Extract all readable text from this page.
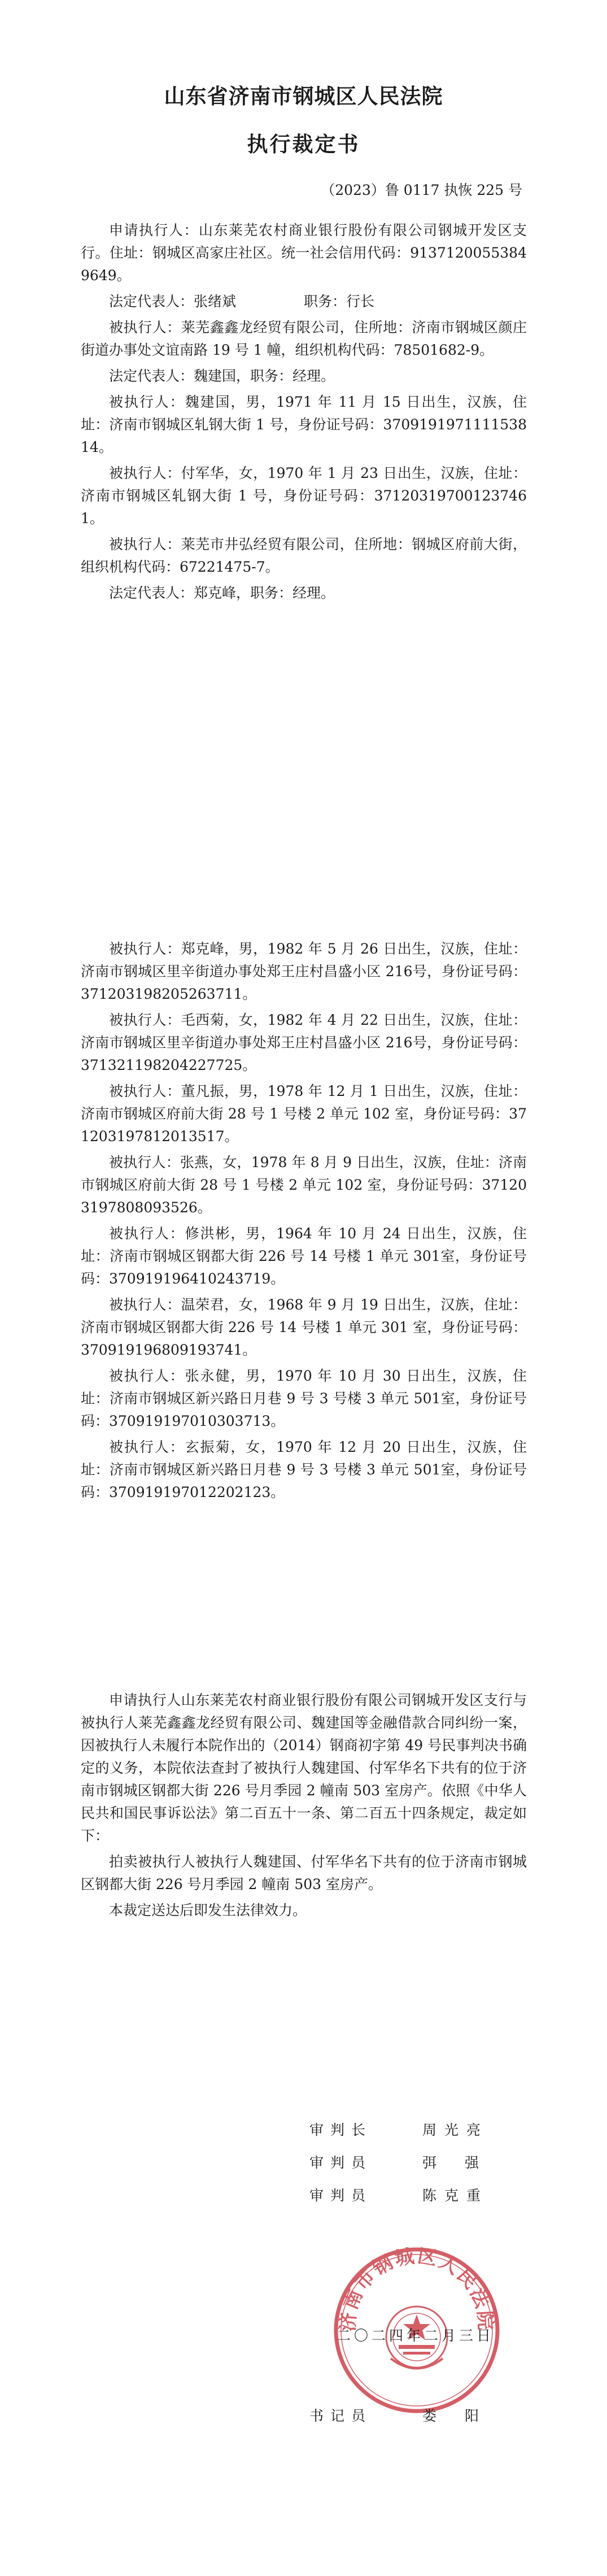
山东省济南市钢城区人民法院
执行裁定书
（2023）鲁 0117 执恢 225 号

申请执行人：山东莱芜农村商业银行股份有限公司钢城开发区支行。住址：钢城区高家庄社区。统一社会信用代码：91371200553849649。

法定代表人：张绪斌	职务：行长

被执行人：莱芜鑫鑫龙经贸有限公司，住所地：济南市钢城区颜庄街道办事处文谊南路 19 号 1 幢，组织机构代码：78501682-9。

法定代表人：魏建国，职务：经理。

被执行人：魏建国，男，1971 年 11 月 15 日出生，汉族，住址：济南市钢城区轧钢大街 1 号，身份证号码：370919197111153814。

被执行人：付军华，女，1970 年 1 月 23 日出生，汉族，住址：济南市钢城区轧钢大街 1 号，身份证号码：371203197001237461。

被执行人：莱芜市井弘经贸有限公司，住所地：钢城区府前大街，组织机构代码：67221475-7。

法定代表人：郑克峰，职务：经理。

被执行人：郑克峰，男，1982 年 5 月 26 日出生，汉族，住址：济南市钢城区里辛街道办事处郑王庄村昌盛小区 216号，身份证号码：371203198205263711。

被执行人：毛西菊，女，1982 年 4 月 22 日出生，汉族，住址：济南市钢城区里辛街道办事处郑王庄村昌盛小区 216号，身份证号码：371321198204227725。

被执行人：董凡振，男，1978 年 12 月 1 日出生，汉族，住址：济南市钢城区府前大街 28 号 1 号楼 2 单元 102 室，身份证号码：371203197812013517。

被执行人：张燕，女，1978 年 8 月 9 日出生，汉族，住址：济南市钢城区府前大街 28 号 1 号楼 2 单元 102 室，身份证号码：371203197808093526。

被执行人：修洪彬，男，1964 年 10 月 24 日出生，汉族，住址：济南市钢城区钢都大街 226 号 14 号楼 1 单元 301室，身份证号码：370919196410243719。

被执行人：温荣君，女，1968 年 9 月 19 日出生，汉族，住址：济南市钢城区钢都大街 226 号 14 号楼 1 单元 301 室，身份证号码：370919196809193741。

被执行人：张永健，男，1970 年 10 月 30 日出生，汉族，住址：济南市钢城区新兴路日月巷 9 号 3 号楼 3 单元 501室，身份证号码：370919197010303713。

被执行人：玄振菊，女，1970 年 12 月 20 日出生，汉族，住址：济南市钢城区新兴路日月巷 9 号 3 号楼 3 单元 501室，身份证号码：370919197012202123。

申请执行人山东莱芜农村商业银行股份有限公司钢城开发区支行与被执行人莱芜鑫鑫龙经贸有限公司、魏建国等金融借款合同纠纷一案，因被执行人未履行本院作出的（2014）钢商初字第 49 号民事判决书确定的义务，本院依法查封了被执行人魏建国、付军华名下共有的位于济南市钢城区钢都大街 226 号月季园 2 幢南 503 室房产。依照《中华人民共和国民事诉讼法》第二百五十一条、第二百五十四条规定，裁定如下：

拍卖被执行人被执行人魏建国、付军华名下共有的位于济南市钢城区钢都大街 226 号月季园 2 幢南 503 室房产。

本裁定送达后即发生法律效力。

审判长	周光亮
审判员	弭强
审判员	陈克重
济南市钢城区人民法院
二〇二四年二月三日
书记员	娄阳
